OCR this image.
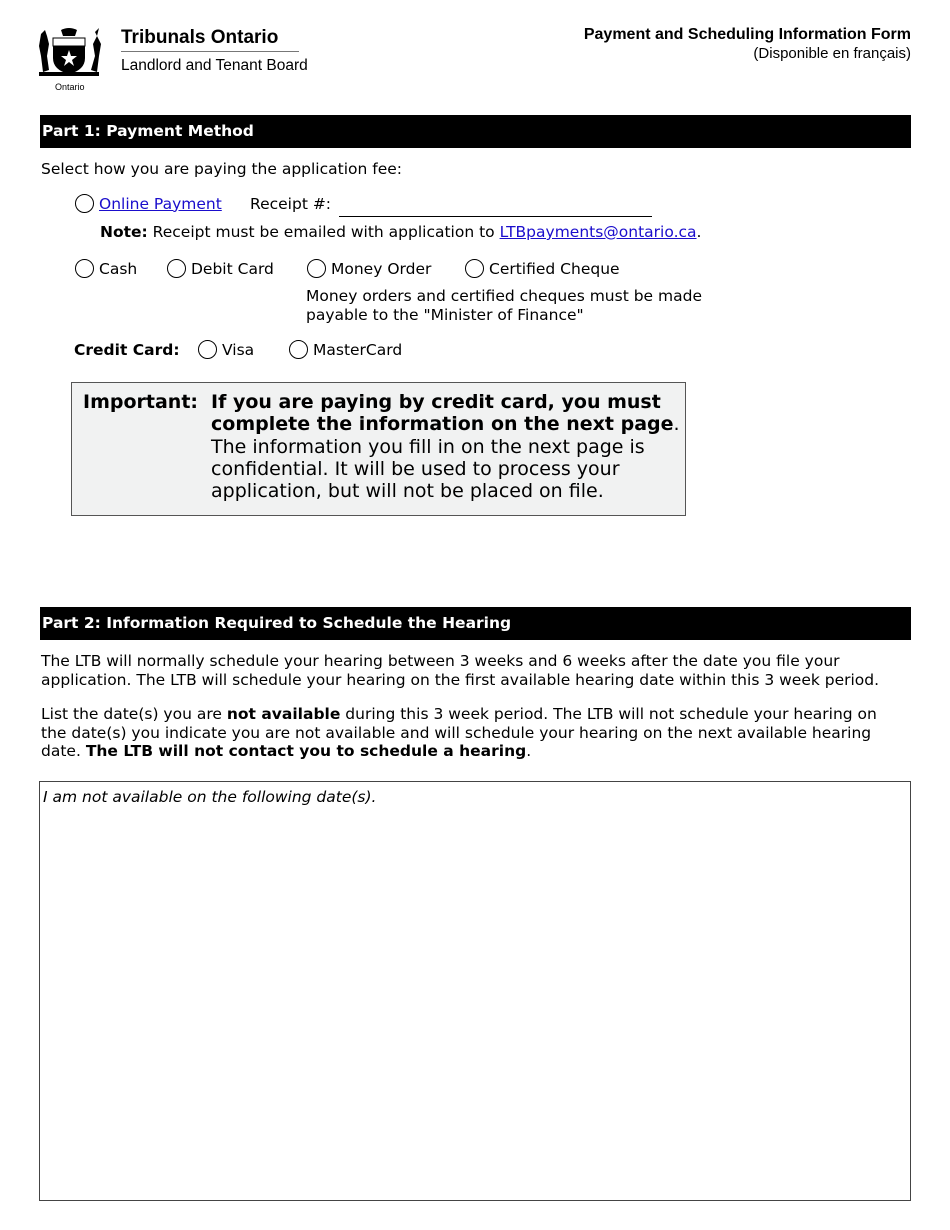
Ontario
Tribunals Ontario
Landlord and Tenant Board
Payment and Scheduling Information Form
(Disponible en français)
Part 1: Payment Method
Select how you are paying the application fee:
Online Payment Receipt #:
Note: Receipt must be emailed with application to LTBpayments@ontario.ca.
Cash	Debit Card	Money Order	Certified Cheque
Money orders and certified cheques must be made
payable to the "Minister of Finance"
Credit Card:	Visa	MasterCard
Important: If you are paying by credit card, you must
complete the information on the next page.
The information you fill in on the next page is
confidential. It will be used to process your
application, but will not be placed on file.
Part 2: Information Required to Schedule the Hearing
The LTB will normally schedule your hearing between 3 weeks and 6 weeks after the date you file your application. The LTB will schedule your hearing on the first available hearing date within this 3 week period.
List the date(s) you are not available during this 3 week period. The LTB will not schedule your hearing on the date(s) you indicate you are not available and will schedule your hearing on the next available hearing date. The LTB will not contact you to schedule a hearing.
I am not available on the following date(s).
